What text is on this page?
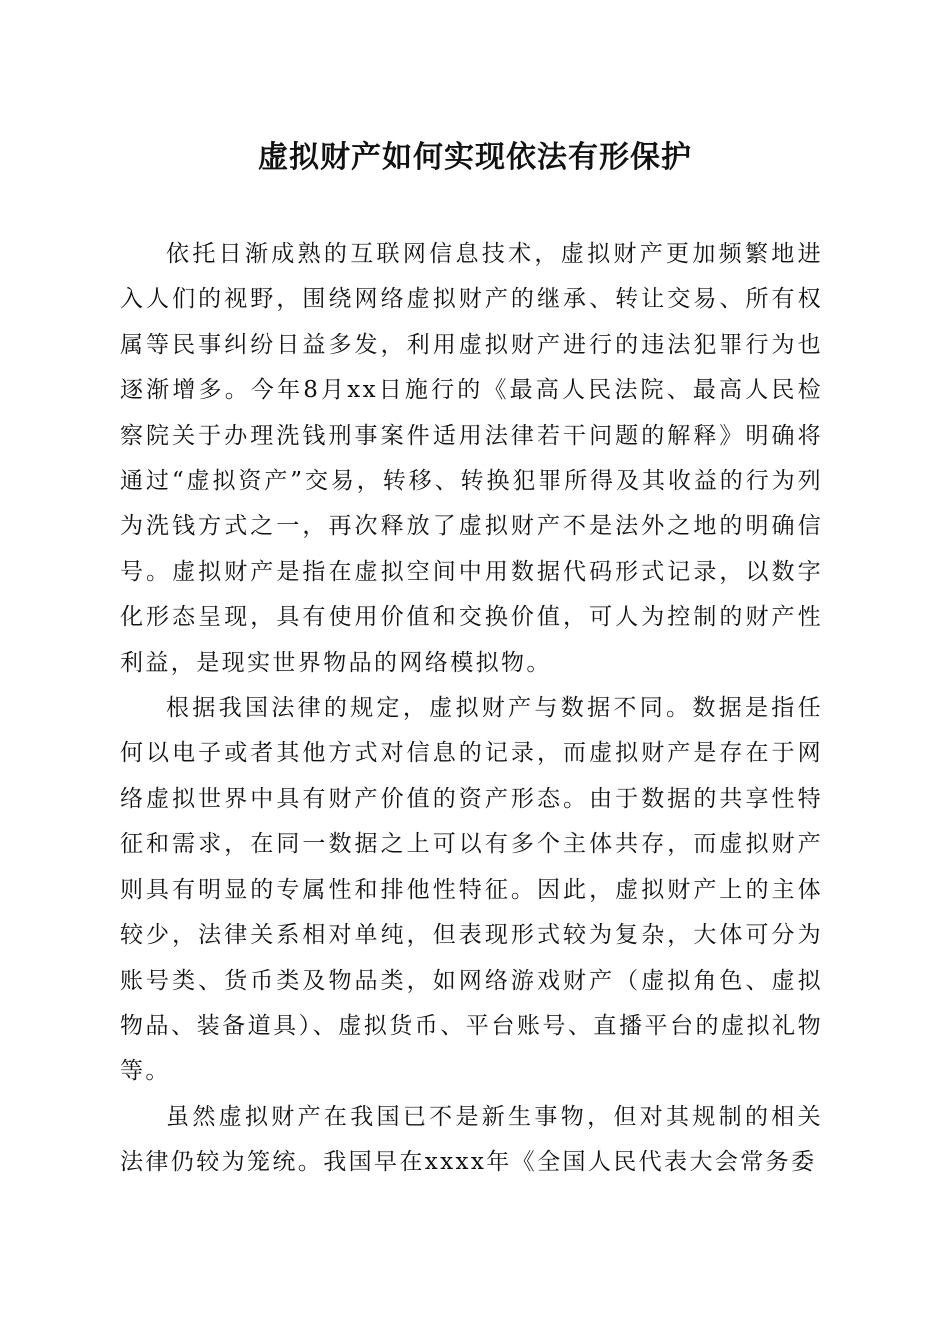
虚拟财产如何实现依法有形保护

依托日渐成熟的互联网信息技术，虚拟财产更加频繁地进入人们的视野，围绕网络虚拟财产的继承、转让交易、所有权属等民事纠纷日益多发，利用虚拟财产进行的违法犯罪行为也逐渐增多。今年8月xx日施行的《最高人民法院、最高人民检察院关于办理洗钱刑事案件适用法律若干问题的解释》明确将通过“虚拟资产”交易，转移、转换犯罪所得及其收益的行为列为洗钱方式之一，再次释放了虚拟财产不是法外之地的明确信号。虚拟财产是指在虚拟空间中用数据代码形式记录，以数字化形态呈现，具有使用价值和交换价值，可人为控制的财产性利益，是现实世界物品的网络模拟物。

根据我国法律的规定，虚拟财产与数据不同。数据是指任何以电子或者其他方式对信息的记录，而虚拟财产是存在于网络虚拟世界中具有财产价值的资产形态。由于数据的共享性特征和需求，在同一数据之上可以有多个主体共存，而虚拟财产则具有明显的专属性和排他性特征。因此，虚拟财产上的主体较少，法律关系相对单纯，但表现形式较为复杂，大体可分为账号类、货币类及物品类，如网络游戏财产（虚拟角色、虚拟物品、装备道具）、虚拟货币、平台账号、直播平台的虚拟礼物等。

虽然虚拟财产在我国已不是新生事物，但对其规制的相关法律仍较为笼统。我国早在xxxx年《全国人民代表大会常务委
